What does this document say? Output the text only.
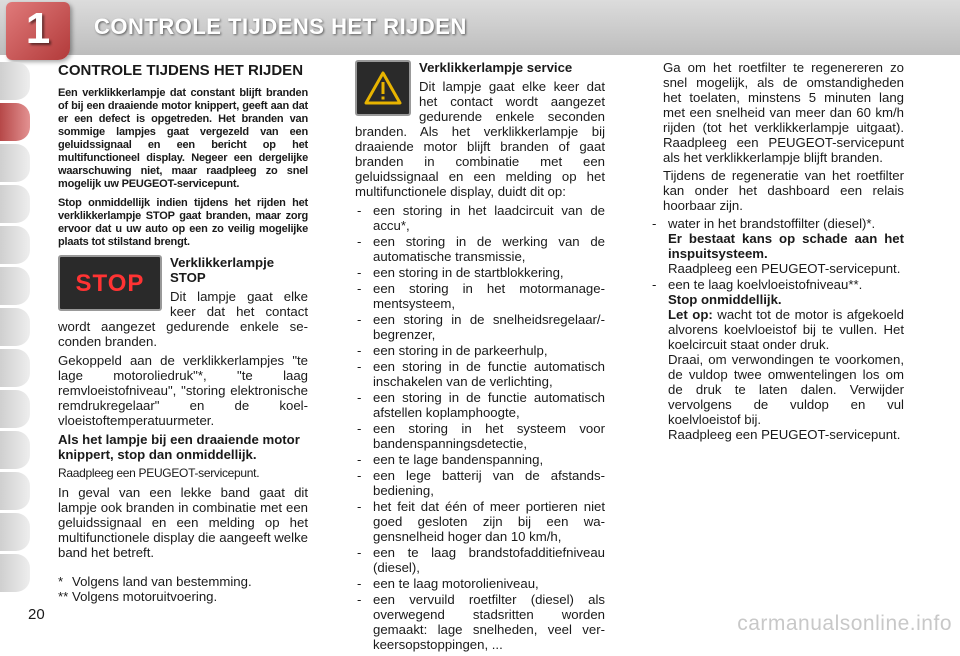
1	CONTROLE TIJDENS HET RIJDEN
CONTROLE TIJDENS HET RIJDEN

Een verklikkerlampje dat constant blijft branden of bij een draaiende motor knippert, geeft aan dat er een defect is opgetreden. Het branden van sommige lampjes gaat vergezeld van een geluidssignaal en een bericht op het multifunctioneel display. Negeer een dergelijke waarschuwing niet, maar raadpleeg zo snel mogelijk uw PEUGEOT-servicepunt.

Stop onmiddellijk indien tijdens het rijden het verklikkerlampje STOP gaat branden, maar zorg ervoor dat u uw auto op een zo veilig mogelijke plaats tot stilstand brengt.

STOP

Verklikkerlampje STOP

Dit lampje gaat elke keer dat het contact wordt aangezet gedurende enkele seconden branden.

Gekoppeld aan de verklikkerlampjes "te lage motoroliedruk"*, "te laag remvloeistofniveau", "storing elektronische remdrukregelaar" en de koelvloeistoftemperatuurmeter.

Als het lampje bij een draaiende motor knippert, stop dan onmiddellijk.

Raadpleeg een PEUGEOT-servicepunt.

In geval van een lekke band gaat dit lampje ook branden in combinatie met een geluidssignaal en een melding op het multifunctionele display die aangeeft welke band het betreft.

* Volgens land van bestemming.
** Volgens motoruitvoering.

Verklikkerlampje service

Dit lampje gaat elke keer dat het contact wordt aangezet gedurende enkele seconden branden. Als het verklikkerlampje bij draaiende motor blijft branden of gaat branden in combinatie met een geluidssignaal en een melding op het multifunctionele display, duidt dit op:

- een storing in het laadcircuit van de accu*,
- een storing in de werking van de automatische transmissie,
- een storing in de startblokkering,
- een storing in het motormanagementsysteem,
- een storing in de snelheidsregelaar/-begrenzer,
- een storing in de parkeerhulp,
- een storing in de functie automatisch inschakelen van de verlichting,
- een storing in de functie automatisch afstellen koplamphoogte,
- een storing in het systeem voor bandenspanningsdetectie,
- een te lage bandenspanning,
- een lege batterij van de afstandsbediening,
- het feit dat één of meer portieren niet goed gesloten zijn bij een wagensnelheid hoger dan 10 km/h,
- een te laag brandstofadditiefniveau (diesel),
- een te laag motorolieniveau,
- een vervuild roetfilter (diesel) als overwegend stadsritten worden gemaakt: lage snelheden, veel verkeersopstoppingen, ...

Ga om het roetfilter te regenereren zo snel mogelijk, als de omstandigheden het toelaten, minstens 5 minuten lang met een snelheid van meer dan 60 km/h rijden (tot het verklikkerlampje uitgaat). Raadpleeg een PEUGEOT-servicepunt als het verklikkerlampje blijft branden.

Tijdens de regeneratie van het roetfilter kan onder het dashboard een relais hoorbaar zijn.

- water in het brandstoffilter (diesel)*.
Er bestaat kans op schade aan het inspuitsysteem.
Raadpleeg een PEUGEOT-servicepunt.
- een te laag koelvloeistofniveau**.
Stop onmiddellijk.
Let op: wacht tot de motor is afgekoeld alvorens koelvloeistof bij te vullen. Het koelcircuit staat onder druk.
Draai, om verwondingen te voorkomen, de vuldop twee omwentelingen los om de druk te laten dalen. Verwijder vervolgens de vuldop en vul koelvloeistof bij.
Raadpleeg een PEUGEOT-servicepunt.
20	carmanualsonline.info
